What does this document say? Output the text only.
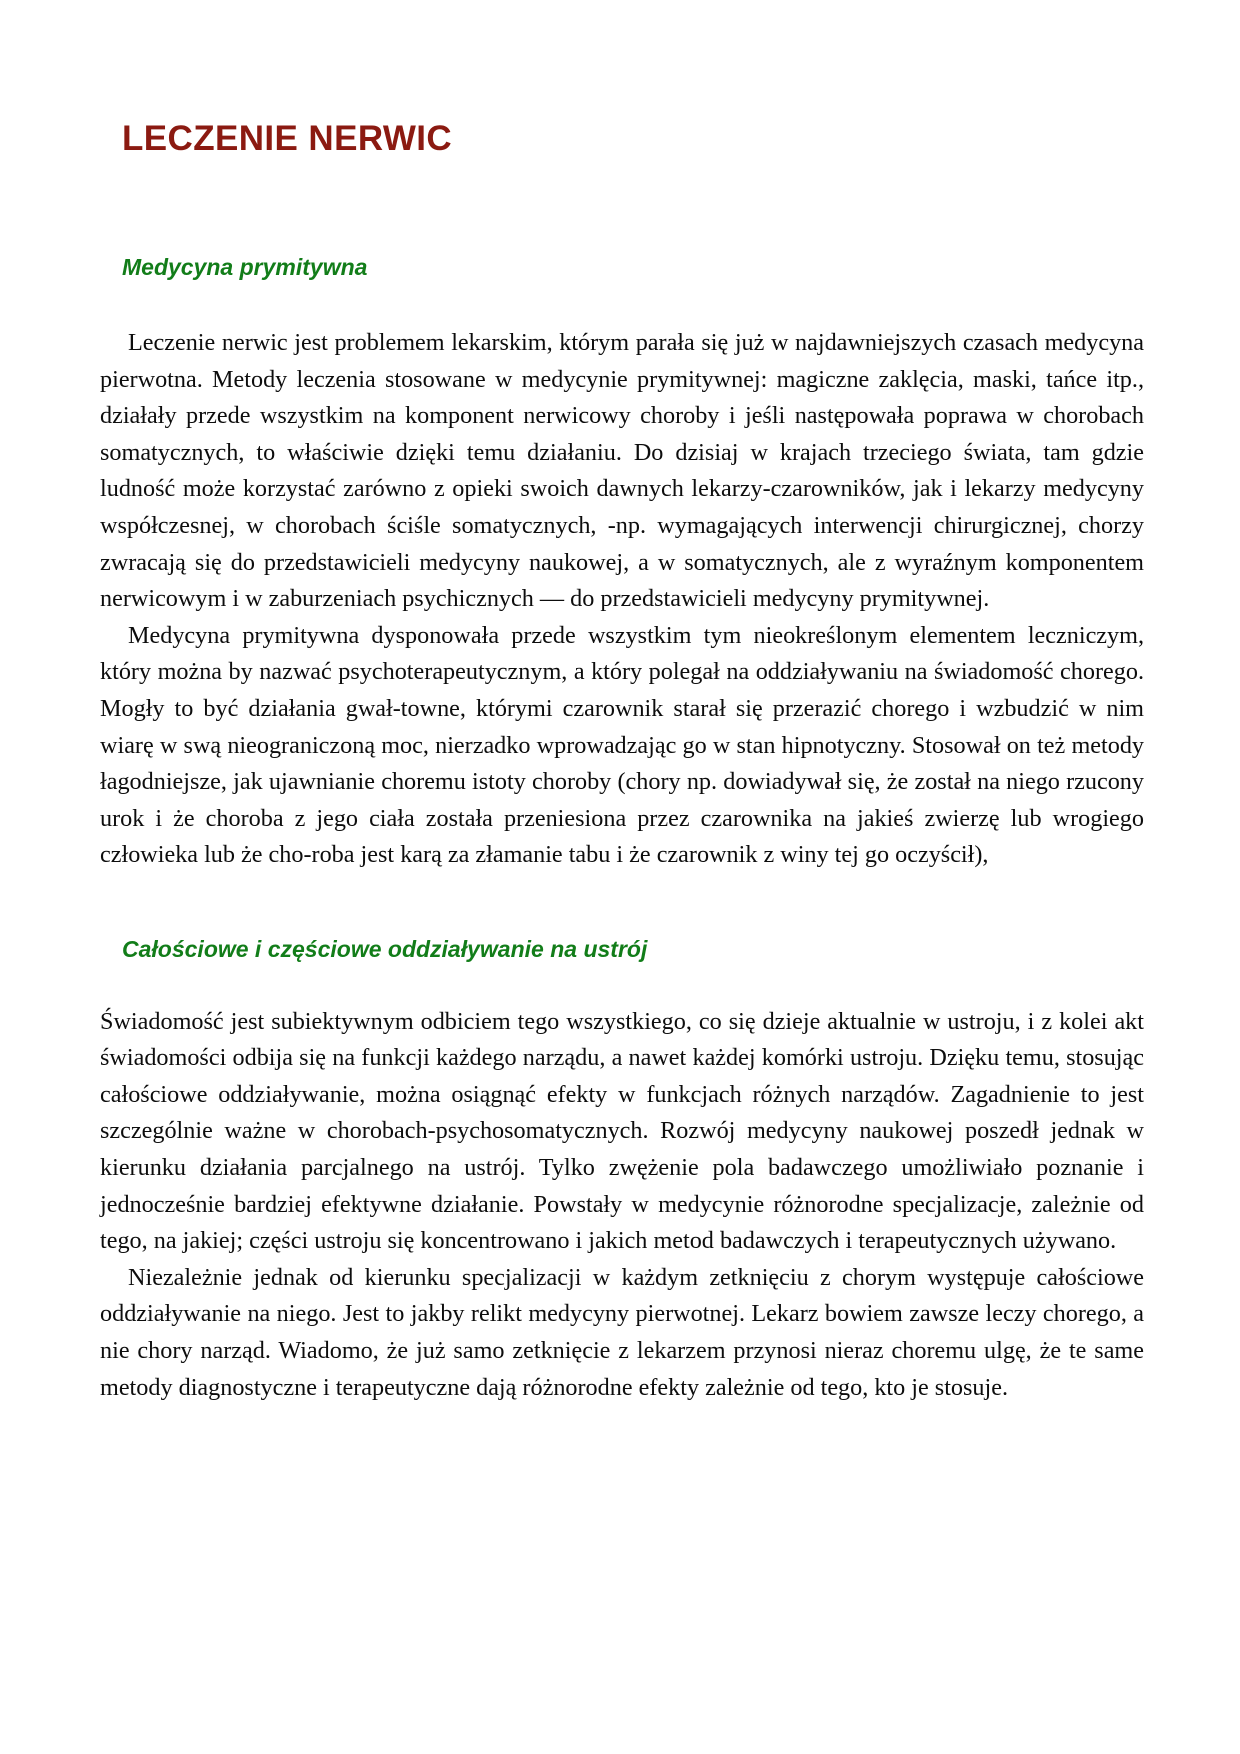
LECZENIE NERWIC
Medycyna prymitywna

Leczenie nerwic jest problemem lekarskim, którym parała się już w najdawniejszych czasach medycyna pierwotna. Metody leczenia stosowane w medycynie prymitywnej: magiczne zaklęcia, maski, tańce itp., działały przede wszystkim na komponent nerwicowy choroby i jeśli następowała poprawa w chorobach somatycznych, to właściwie dzięki temu działaniu. Do dzisiaj w krajach trzeciego świata, tam gdzie ludność może korzystać zarówno z opieki swoich dawnych lekarzy-czarowników, jak i lekarzy medycyny współczesnej, w chorobach ściśle somatycznych, -np. wymagających interwencji chirurgicznej, chorzy zwracają się do przedstawicieli medycyny naukowej, a w somatycznych, ale z wyraźnym komponentem nerwicowym i w zaburzeniach psychicznych — do przedstawicieli medycyny prymitywnej.

Medycyna prymitywna dysponowała przede wszystkim tym nieokreślonym elementem leczniczym, który można by nazwać psychoterapeutycznym, a który polegał na oddziaływaniu na świadomość chorego. Mogły to być działania gwał-towne, którymi czarownik starał się przerazić chorego i wzbudzić w nim wiarę w swą nieograniczoną moc, nierzadko wprowadzając go w stan hipnotyczny. Stosował on też metody łagodniejsze, jak ujawnianie choremu istoty choroby (chory np. dowiadywał się, że został na niego rzucony urok i że choroba z jego ciała została przeniesiona przez czarownika na jakieś zwierzę lub wrogiego człowieka lub że cho-roba jest karą za złamanie tabu i że czarownik z winy tej go oczyścił),

Całościowe i częściowe oddziaływanie na ustrój

Świadomość jest subiektywnym odbiciem tego wszystkiego, co się dzieje aktualnie w ustroju, i z kolei akt świadomości odbija się na funkcji każdego narządu, a nawet każdej komórki ustroju. Dzięku temu, stosując całościowe oddziaływanie, można osiągnąć efekty w funkcjach różnych narządów. Zagadnienie to jest szczególnie ważne w chorobach-psychosomatycznych. Rozwój medycyny naukowej poszedł jednak w kierunku działania parcjalnego na ustrój. Tylko zwężenie pola badawczego umożliwiało poznanie i jednocześnie bardziej efektywne działanie. Powstały w medycynie różnorodne specjalizacje, zależnie od tego, na jakiej; części ustroju się koncentrowano i jakich metod badawczych i terapeutycznych używano.

Niezależnie jednak od kierunku specjalizacji w każdym zetknięciu z chorym występuje całościowe oddziaływanie na niego. Jest to jakby relikt medycyny pierwotnej. Lekarz bowiem zawsze leczy chorego, a nie chory narząd. Wiadomo, że już samo zetknięcie z lekarzem przynosi nieraz choremu ulgę, że te same metody diagnostyczne i terapeutyczne dają różnorodne efekty zależnie od tego, kto je stosuje.
